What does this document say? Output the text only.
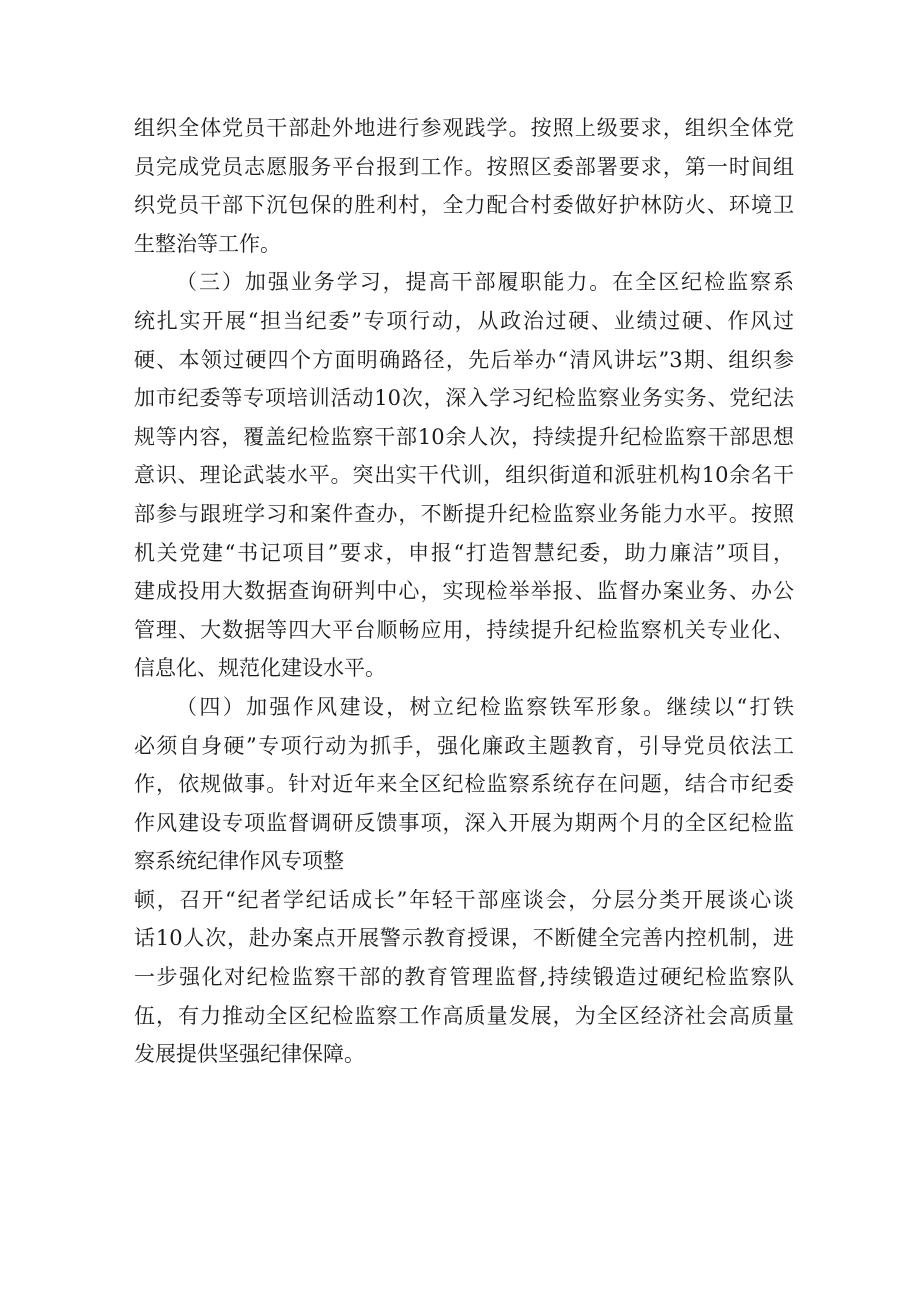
组织全体党员干部赴外地进行参观践学。按照上级要求，组织全体党
员完成党员志愿服务平台报到工作。按照区委部署要求，第一时间组
织党员干部下沉包保的胜利村，全力配合村委做好护林防火、环境卫
生整治等工作。
（三）加强业务学习，提高干部履职能力。在全区纪检监察系
统扎实开展“担当纪委”专项行动，从政治过硬、业绩过硬、作风过
硬、本领过硬四个方面明确路径，先后举办“清风讲坛”3期、组织参
加市纪委等专项培训活动10次，深入学习纪检监察业务实务、党纪法
规等内容，覆盖纪检监察干部10余人次，持续提升纪检监察干部思想
意识、理论武装水平。突出实干代训，组织街道和派驻机构10余名干
部参与跟班学习和案件查办，不断提升纪检监察业务能力水平。按照
机关党建“书记项目”要求，申报“打造智慧纪委，助力廉洁”项目，
建成投用大数据查询研判中心，实现检举举报、监督办案业务、办公
管理、大数据等四大平台顺畅应用，持续提升纪检监察机关专业化、
信息化、规范化建设水平。
（四）加强作风建设，树立纪检监察铁军形象。继续以“打铁
必须自身硬”专项行动为抓手，强化廉政主题教育，引导党员依法工
作，依规做事。针对近年来全区纪检监察系统存在问题，结合市纪委
作风建设专项监督调研反馈事项，深入开展为期两个月的全区纪检监
察系统纪律作风专项整
顿，召开“纪者学纪话成长”年轻干部座谈会，分层分类开展谈心谈
话10人次，赴办案点开展警示教育授课，不断健全完善内控机制，进
一步强化对纪检监察干部的教育管理监督,持续锻造过硬纪检监察队
伍，有力推动全区纪检监察工作高质量发展，为全区经济社会高质量
发展提供坚强纪律保障。
